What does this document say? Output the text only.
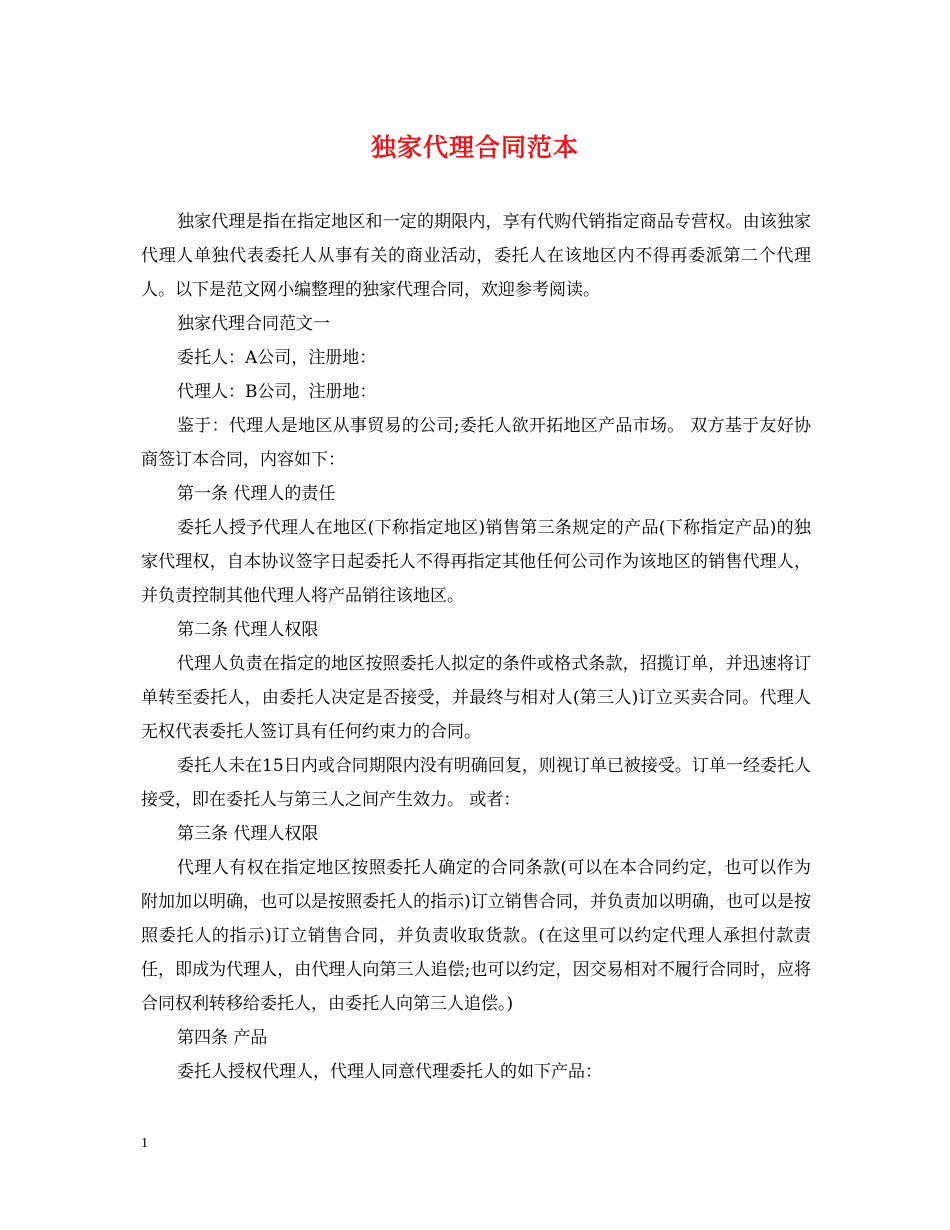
独家代理合同范本

独家代理是指在指定地区和一定的期限内，享有代购代销指定商品专营权。由该独家代理人单独代表委托人从事有关的商业活动，委托人在该地区内不得再委派第二个代理人。以下是范文网小编整理的独家代理合同，欢迎参考阅读。

独家代理合同范文一

委托人：A公司，注册地：

代理人：B公司，注册地：

鉴于：代理人是地区从事贸易的公司;委托人欲开拓地区产品市场。 双方基于友好协商签订本合同，内容如下：

第一条 代理人的责任

委托人授予代理人在地区(下称指定地区)销售第三条规定的产品(下称指定产品)的独家代理权，自本协议签字日起委托人不得再指定其他任何公司作为该地区的销售代理人，并负责控制其他代理人将产品销往该地区。

第二条 代理人权限

代理人负责在指定的地区按照委托人拟定的条件或格式条款，招揽订单，并迅速将订单转至委托人，由委托人决定是否接受，并最终与相对人(第三人)订立买卖合同。代理人无权代表委托人签订具有任何约束力的合同。

委托人未在15日内或合同期限内没有明确回复，则视订单已被接受。订单一经委托人接受，即在委托人与第三人之间产生效力。 或者：

第三条 代理人权限

代理人有权在指定地区按照委托人确定的合同条款(可以在本合同约定，也可以作为附加加以明确，也可以是按照委托人的指示)订立销售合同，并负责加以明确，也可以是按照委托人的指示)订立销售合同，并负责收取货款。(在这里可以约定代理人承担付款责任，即成为代理人，由代理人向第三人追偿;也可以约定，因交易相对不履行合同时，应将合同权利转移给委托人，由委托人向第三人追偿。)

第四条 产品

委托人授权代理人，代理人同意代理委托人的如下产品：

1
